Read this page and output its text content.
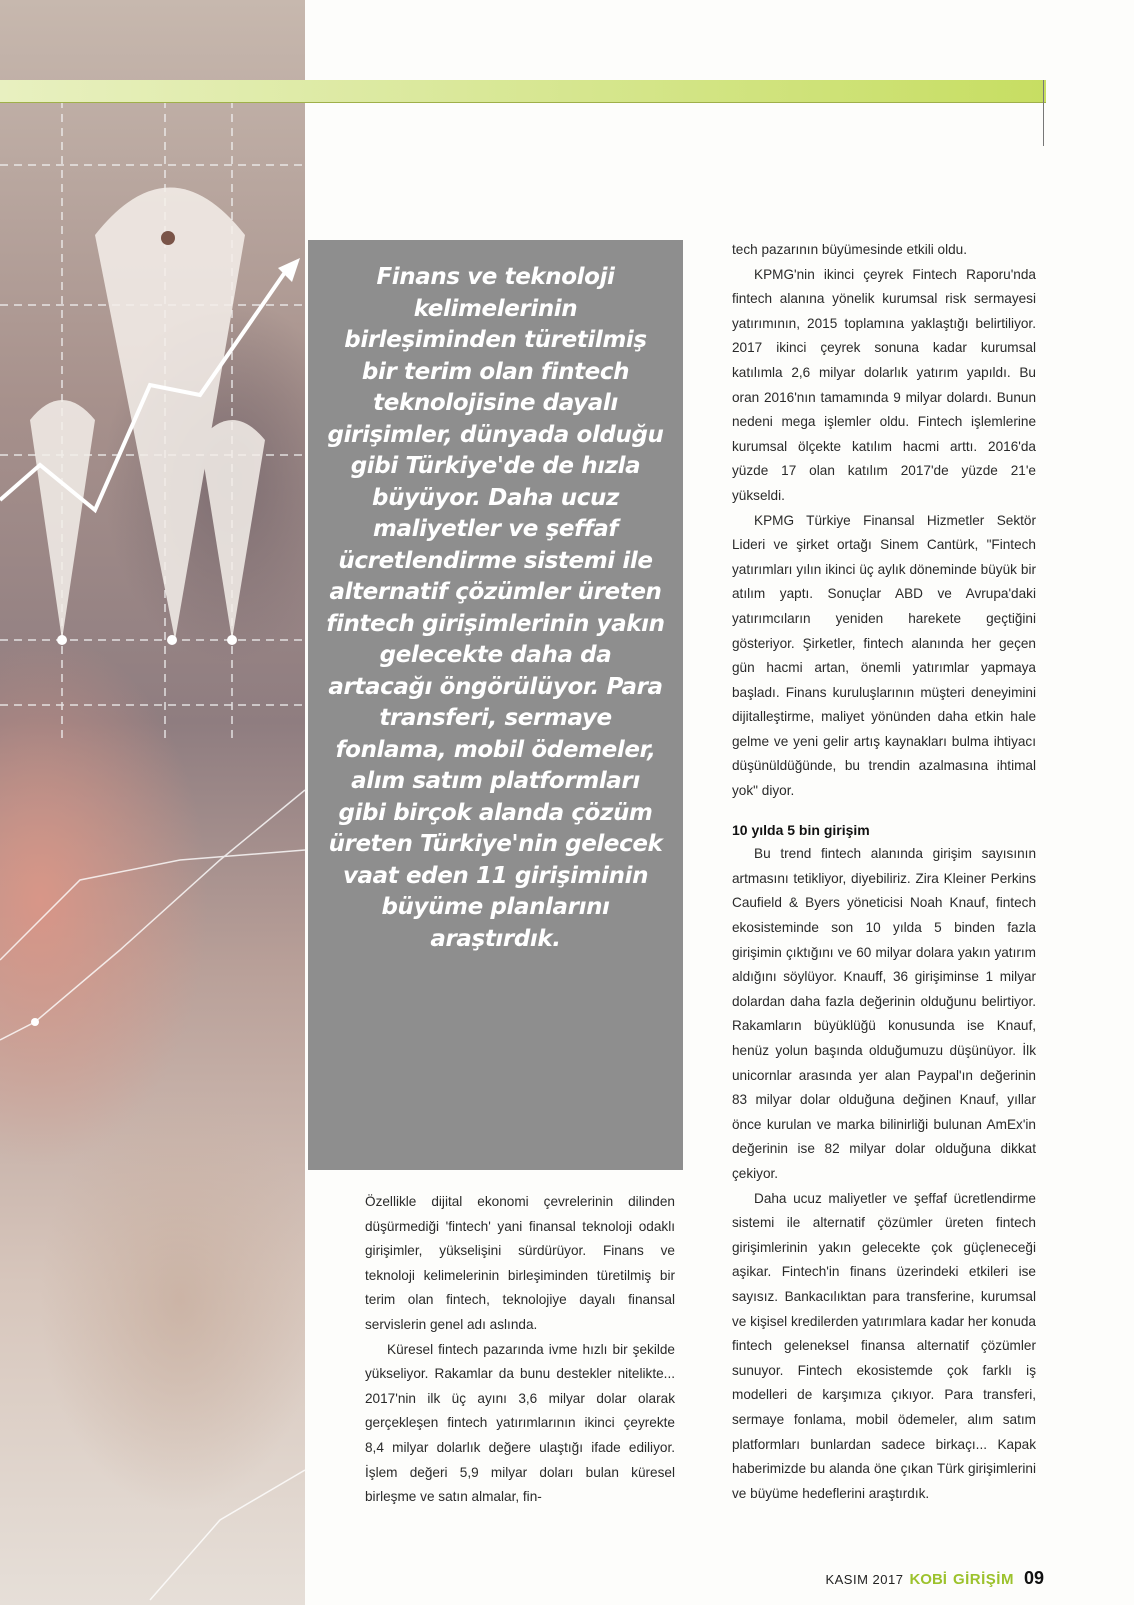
Finans ve teknoloji kelimelerinin birleşiminden türetilmiş bir terim olan fintech teknolojisine dayalı girişimler, dünyada olduğu gibi Türkiye'de de hızla büyüyor. Daha ucuz maliyetler ve şeffaf ücretlendirme sistemi ile alternatif çözümler üreten fintech girişimlerinin yakın gelecekte daha da artacağı öngörülüyor. Para transferi, sermaye fonlama, mobil ödemeler, alım satım platformları gibi birçok alanda çözüm üreten Türkiye'nin gelecek vaat eden 11 girişiminin büyüme planlarını araştırdık.

Özellikle dijital ekonomi çevrelerinin dilinden düşürmediği 'fintech' yani finansal teknoloji odaklı girişimler, yükselişini sürdürüyor. Finans ve teknoloji kelimelerinin birleşiminden türetilmiş bir terim olan fintech, teknolojiye dayalı finansal servislerin genel adı aslında.

Küresel fintech pazarında ivme hızlı bir şekilde yükseliyor. Rakamlar da bunu destekler nitelikte... 2017'nin ilk üç ayını 3,6 milyar dolar olarak gerçekleşen fintech yatırımlarının ikinci çeyrekte 8,4 milyar dolarlık değere ulaştığı ifade ediliyor. İşlem değeri 5,9 milyar doları bulan küresel birleşme ve satın almalar, fin-

tech pazarının büyümesinde etkili oldu.

KPMG'nin ikinci çeyrek Fintech Raporu'nda fintech alanına yönelik kurumsal risk sermayesi yatırımının, 2015 toplamına yaklaştığı belirtiliyor. 2017 ikinci çeyrek sonuna kadar kurumsal katılımla 2,6 milyar dolarlık yatırım yapıldı. Bu oran 2016'nın tamamında 9 milyar dolardı. Bunun nedeni mega işlemler oldu. Fintech işlemlerine kurumsal ölçekte katılım hacmi arttı. 2016'da yüzde 17 olan katılım 2017'de yüzde 21'e yükseldi.

KPMG Türkiye Finansal Hizmetler Sektör Lideri ve şirket ortağı Sinem Cantürk, "Fintech yatırımları yılın ikinci üç aylık döneminde büyük bir atılım yaptı. Sonuçlar ABD ve Avrupa'daki yatırımcıların yeniden harekete geçtiğini gösteriyor. Şirketler, fintech alanında her geçen gün hacmi artan, önemli yatırımlar yapmaya başladı. Finans kuruluşlarının müşteri deneyimini dijitalleştirme, maliyet yönünden daha etkin hale gelme ve yeni gelir artış kaynakları bulma ihtiyacı düşünüldüğünde, bu trendin azalmasına ihtimal yok" diyor.

10 yılda 5 bin girişim

Bu trend fintech alanında girişim sayısının artmasını tetikliyor, diyebiliriz. Zira Kleiner Perkins Caufield & Byers yöneticisi Noah Knauf, fintech ekosisteminde son 10 yılda 5 binden fazla girişimin çıktığını ve 60 milyar dolara yakın yatırım aldığını söylüyor. Knauff, 36 girişiminse 1 milyar dolardan daha fazla değerinin olduğunu belirtiyor. Rakamların büyüklüğü konusunda ise Knauf, henüz yolun başında olduğumuzu düşünüyor. İlk unicornlar arasında yer alan Paypal'ın değerinin 83 milyar dolar olduğuna değinen Knauf, yıllar önce kurulan ve marka bilinirliği bulunan AmEx'in değerinin ise 82 milyar dolar olduğuna dikkat çekiyor.

Daha ucuz maliyetler ve şeffaf ücretlendirme sistemi ile alternatif çözümler üreten fintech girişimlerinin yakın gelecekte çok güçleneceği aşikar. Fintech'in finans üzerindeki etkileri ise sayısız. Bankacılıktan para transferine, kurumsal ve kişisel kredilerden yatırımlara kadar her konuda fintech geleneksel finansa alternatif çözümler sunuyor. Fintech ekosistemde çok farklı iş modelleri de karşımıza çıkıyor. Para transferi, sermaye fonlama, mobil ödemeler, alım satım platformları bunlardan sadece birkaçı... Kapak haberimizde bu alanda öne çıkan Türk girişimlerini ve büyüme hedeflerini araştırdık.

KASIM 2017 KOBİ GİRİŞİM 09
